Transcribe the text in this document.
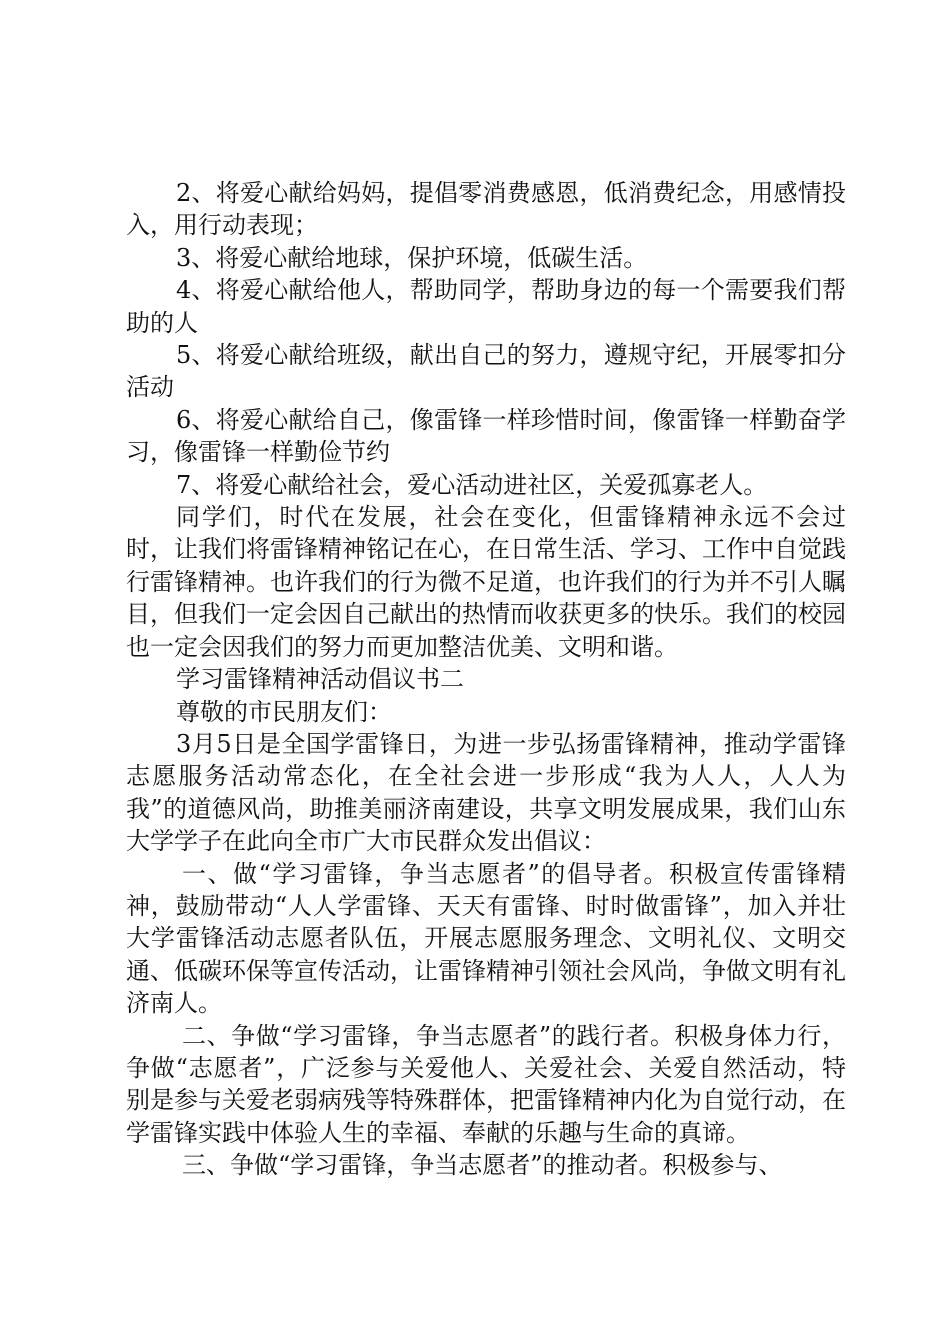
2、将爱心献给妈妈，提倡零消费感恩，低消费纪念，用感情投入，用行动表现；

3、将爱心献给地球，保护环境，低碳生活。

4、将爱心献给他人，帮助同学，帮助身边的每一个需要我们帮助的人

5、将爱心献给班级，献出自己的努力，遵规守纪，开展零扣分活动

6、将爱心献给自己，像雷锋一样珍惜时间，像雷锋一样勤奋学习，像雷锋一样勤俭节约

7、将爱心献给社会，爱心活动进社区，关爱孤寡老人。

同学们，时代在发展，社会在变化，但雷锋精神永远不会过时，让我们将雷锋精神铭记在心，在日常生活、学习、工作中自觉践行雷锋精神。也许我们的行为微不足道，也许我们的行为并不引人瞩目，但我们一定会因自己献出的热情而收获更多的快乐。我们的校园也一定会因我们的努力而更加整洁优美、文明和谐。

学习雷锋精神活动倡议书二

尊敬的市民朋友们：

3月5日是全国学雷锋日，为进一步弘扬雷锋精神，推动学雷锋志愿服务活动常态化，在全社会进一步形成“我为人人，人人为我”的道德风尚，助推美丽济南建设，共享文明发展成果，我们山东大学学子在此向全市广大市民群众发出倡议：

一、做“学习雷锋，争当志愿者”的倡导者。积极宣传雷锋精神，鼓励带动“人人学雷锋、天天有雷锋、时时做雷锋”，加入并壮大学雷锋活动志愿者队伍，开展志愿服务理念、文明礼仪、文明交通、低碳环保等宣传活动，让雷锋精神引领社会风尚，争做文明有礼济南人。

二、争做“学习雷锋，争当志愿者”的践行者。积极身体力行，争做“志愿者”，广泛参与关爱他人、关爱社会、关爱自然活动，特别是参与关爱老弱病残等特殊群体，把雷锋精神内化为自觉行动，在学雷锋实践中体验人生的幸福、奉献的乐趣与生命的真谛。

三、争做“学习雷锋，争当志愿者”的推动者。积极参与、
